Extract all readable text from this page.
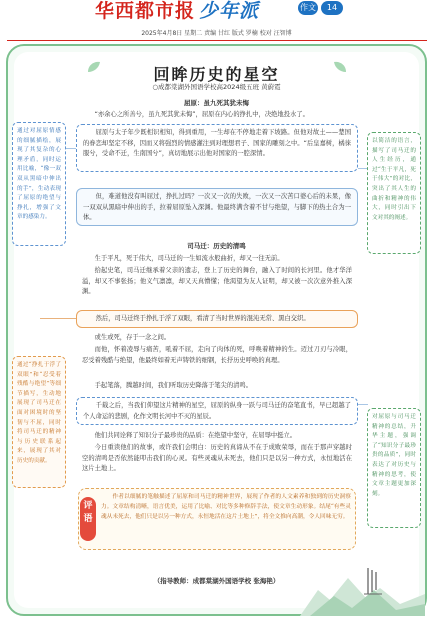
华西都市报 少年派	作文	14
2025年4月8日 星期二 责编 甘红 版式 罗楠 校对 汪智博
回眸历史的星空
○成都棠湖外国语学校高2024级五班 黄蔚霓
屈原：虽九死其犹未悔
“亦余心之所善兮，虽九死其犹未悔”，屈原在内心的挣扎中，决绝地投水了。
屈原与太子年少既相识相知，得到重用，一生却在不停地走着下坡路。但他对故土——楚国的眷恋却坚定不移，因而又将强烈的情感灌注到对理想君子、国家的雕刻之中。“后皇嘉树，橘徕服兮，受命不迁，生南国兮”，真切地展示出他对国家的一腔深情。
但，难道他没有叫屈过，挣扎过吗？一次又一次的失败，一次又一次苦口婆心后的未果，像一双双从黑暗中伸出的手，拉着屈原坠入深渊。他最终满含着不甘与绝望，与脚下的热土合为一体。
司马迁：历史的清鸣
生于平凡，死于伟大，司马迁的一生如流水般曲折，却又一往无前。
拾起史笔，司马迁继承着父亲的遗志，登上了历史的舞台，融入了时间的长河里。他才华洋溢，却又不事张扬；他义气凛凛，却又天真懵懂；他渴望为友人证明，却又被一次次意外推入深渊。
然后，司马迁终于挣扎于浮了双眼，看清了当时世界的混沌无常、黑白交织。
或生或死，存于一念之间。
而他，怀着凌辱与痛苦，吼着不屈，走向了肉体的死，呼唤着精神的生。迈过刀刃与冷眼，忍受着残酷与绝望，他最终如着无声铸铁的细钢，长抒历史呼唤的真理。
手起笔落，腾越时间，我们听取历史降落于笔尖的清鸣。
千载之后，当我们仰望这片精神的星空，屈原的纵身一跃与司马迁的奋笔直书，早已超越了个人命运的悲剧，化作文明长河中不灭的星辰。
他们共同诠释了知识分子最珍贵的品质：在绝望中坚守，在屈辱中挺立。
今日重读他们的故事，或许我们会明白：历史的真谛从不在于成败荣辱，而在于那声穿越时空的清鸣是否依然能叩击我们的心灵。有些灵魂从未死去，他们只是以另一种方式，永恒地活在这片土地上。
通过对屈原情感的细腻描绘，展现了其复杂的心理矛盾，同时运用比喻，“像一双双从黑暗中伸出的手”，生动表现了屈原的绝望与挣扎，增强了文章的感染力。
以简洁的语言，描写了司马迁的人生经历，通过“生于平凡，死于伟大”的对比，突出了其人生的曲折和精神的伟大，同时引出下文对其的阐述。
通过“挣扎于浮了双眼”和“忍受着残酷与绝望”等细节描写，生动地展现了司马迁在面对困境时的坚韧与不屈，同时将司马迁的精神与历史联系起来，展现了其对历史的贡献。
对屈原与司马迁精神的总结，升华主题，强调了“知识分子最珍贵的品质”，同时表达了对历史与精神的思考，使文章主题更加深刻。
评语
作者以细腻的笔触描述了屈原和司马迁的精神世界，展现了作者的人文素养和独到的历史洞察力。文章结构清晰，语言优美，运用了比喻、对比等多种修辞手法，使文章生动形象。结尾“有些灵魂从未死去，他们只是以另一种方式，永恒地活在这片土地上”，将全文推向高潮，令人回味无穷。
（指导教师：成都棠湖外国语学校 张海艳）
